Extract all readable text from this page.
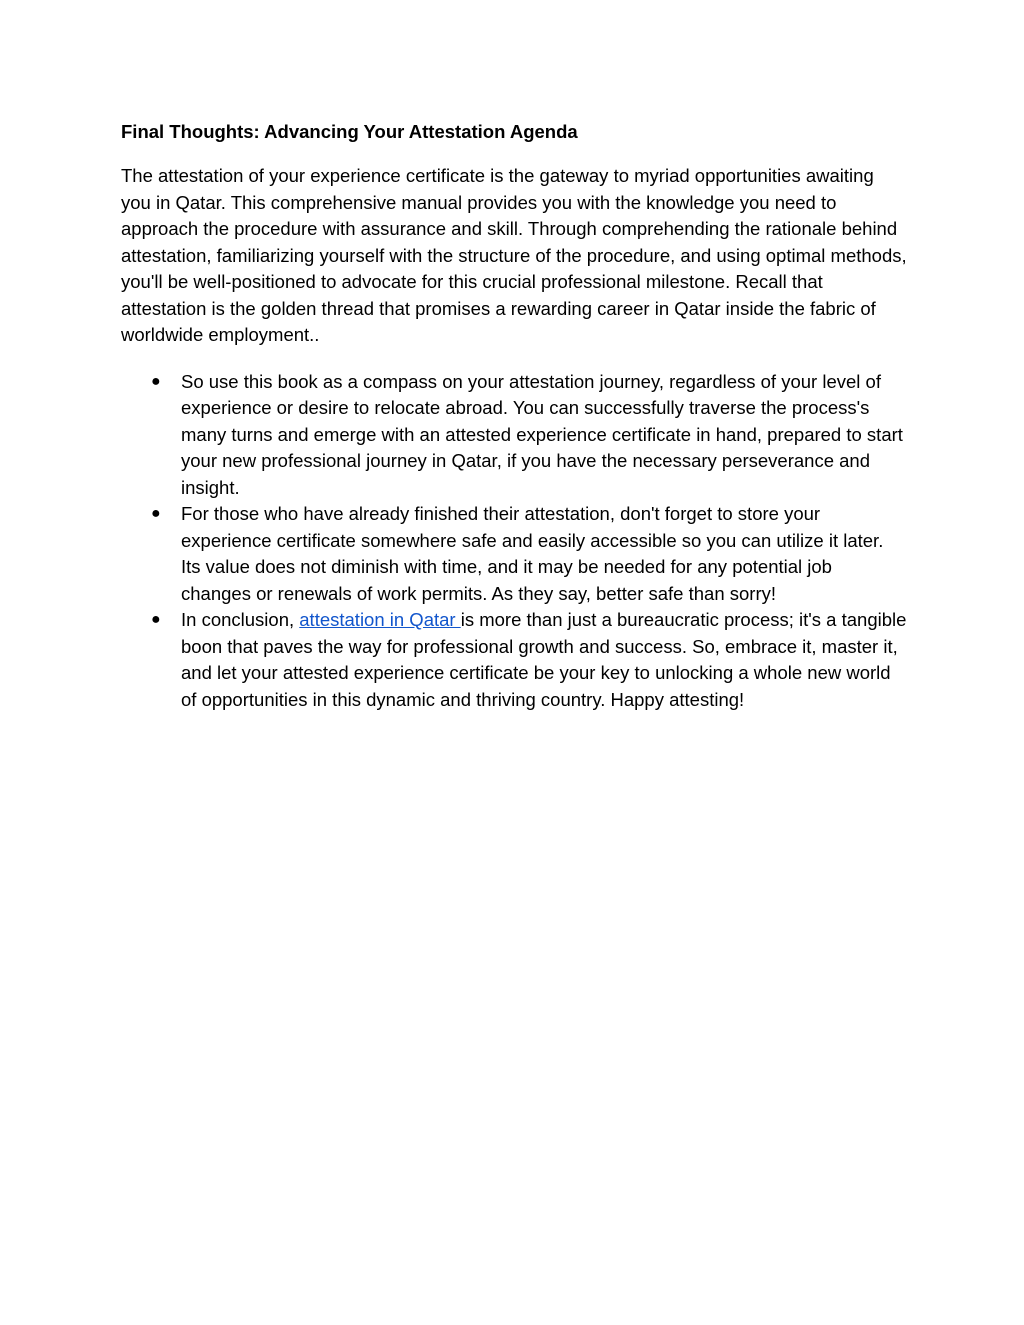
Final Thoughts: Advancing Your Attestation Agenda

The attestation of your experience certificate is the gateway to myriad opportunities awaiting you in Qatar. This comprehensive manual provides you with the knowledge you need to approach the procedure with assurance and skill. Through comprehending the rationale behind attestation, familiarizing yourself with the structure of the procedure, and using optimal methods, you'll be well-positioned to advocate for this crucial professional milestone. Recall that attestation is the golden thread that promises a rewarding career in Qatar inside the fabric of worldwide employment..

● So use this book as a compass on your attestation journey, regardless of your level of experience or desire to relocate abroad. You can successfully traverse the process's many turns and emerge with an attested experience certificate in hand, prepared to start your new professional journey in Qatar, if you have the necessary perseverance and insight.
● For those who have already finished their attestation, don't forget to store your experience certificate somewhere safe and easily accessible so you can utilize it later. Its value does not diminish with time, and it may be needed for any potential job changes or renewals of work permits. As they say, better safe than sorry!
● In conclusion, attestation in Qatar is more than just a bureaucratic process; it's a tangible boon that paves the way for professional growth and success. So, embrace it, master it, and let your attested experience certificate be your key to unlocking a whole new world of opportunities in this dynamic and thriving country. Happy attesting!
